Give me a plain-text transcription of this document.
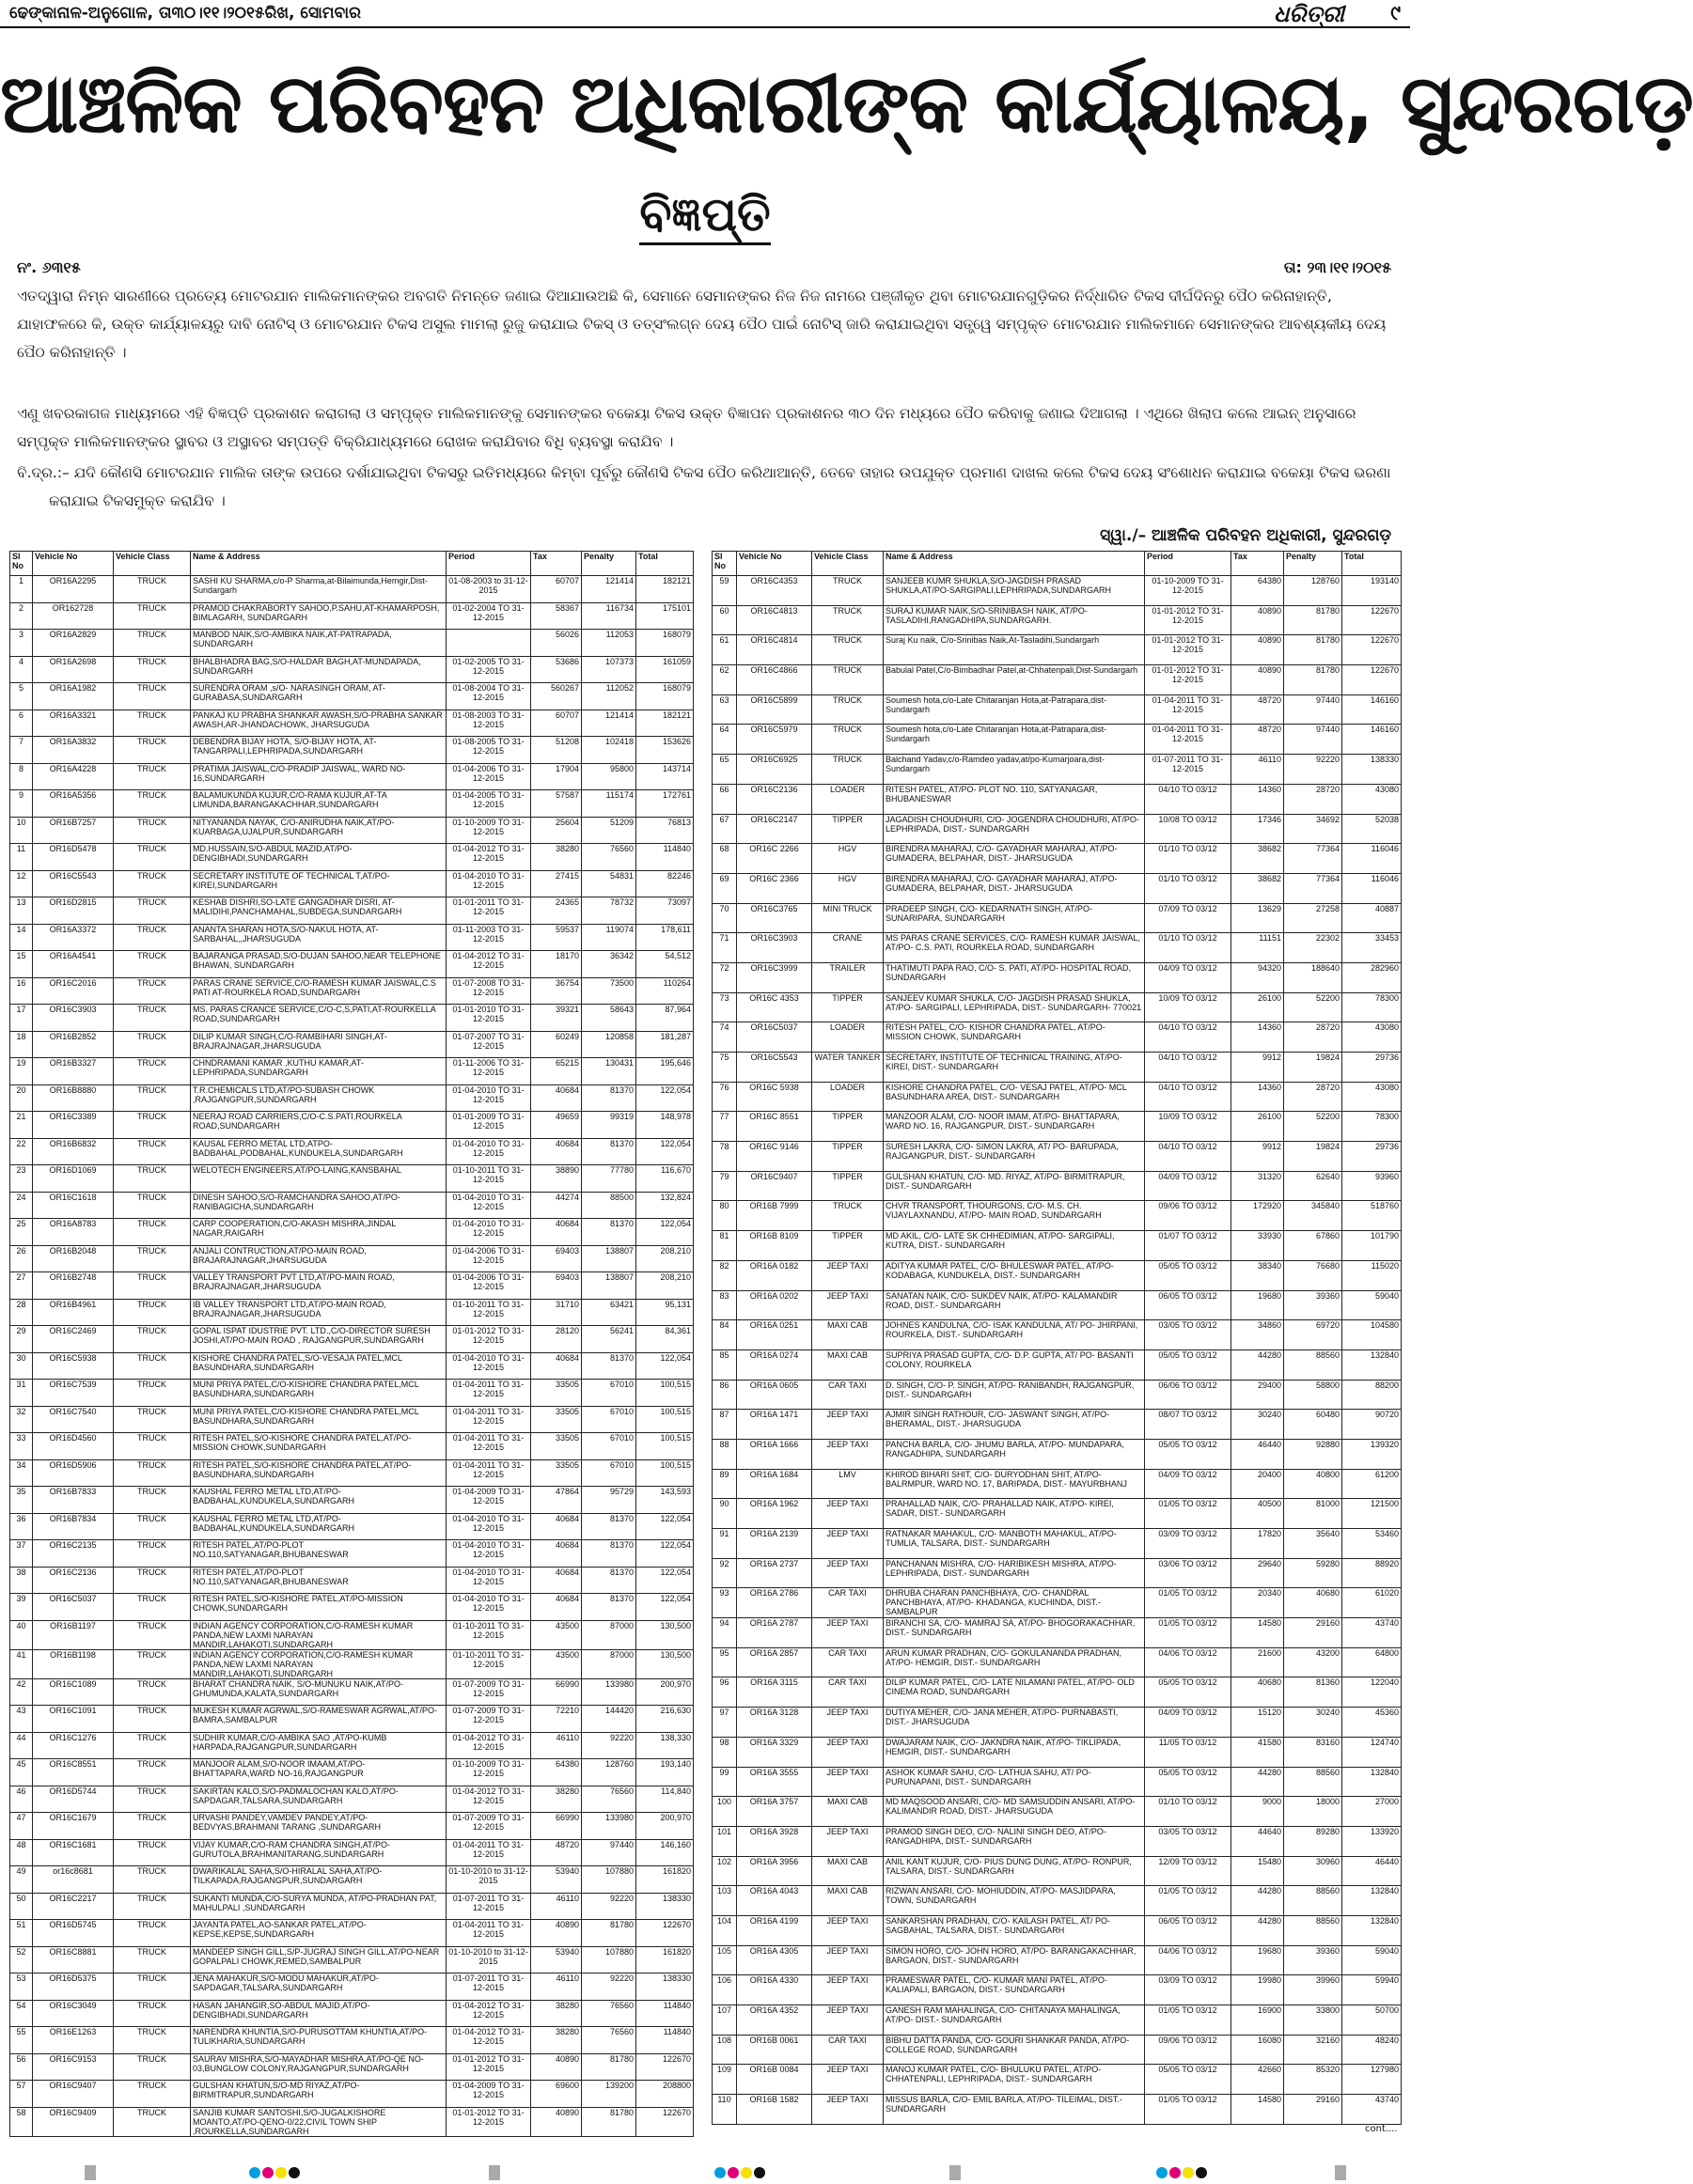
ଢେଙ୍କାନାଳ-ଅନୁଗୋଳ, ତା୩୦।୧୧।୨୦୧୫ରିଖ, ସୋମବାର	ଧରିତ୍ରୀ ୯
ଆଞ୍ଚଳିକ ପରିବହନ ଅଧିକାରୀଙ୍କ କାର୍ଯ୍ୟାଳୟ, ସୁନ୍ଦରଗଡ଼
ବିଜ୍ଞପ୍ତି
ନଂ. ୬୩୧୫	ତା: ୨୩।୧୧।୨୦୧୫
ଏତଦ୍ୱାରା ନିମ୍ନ ସାରଣୀରେ ପ୍ରତ୍ୟେ ମୋଟରଯାନ ମାଲିକମାନଙ୍କର ଅବଗତି ନିମନ୍ତେ ଜଣାଇ ଦିଆଯାଉଅଛି କି, ସେମାନେ ସେମାନଙ୍କର ନିଜ ନିଜ ନାମରେ ପଞ୍ଜୀକୃତ ଥିବା ମୋଟରଯାନଗୁଡ଼ିକର ନିର୍ଦ୍ଧାରିତ ଟିକସ ଦୀର୍ଘଦିନରୁ ପୈଠ କରିନାହାନ୍ତି, ଯାହାଫଳରେ କି, ଉକ୍ତ କାର୍ଯ୍ୟାଳୟରୁ ଦାବି ନୋଟିସ୍ ଓ ମୋଟରଯାନ ଟିକସ ଅସୁଲ ମାମଲା ରୁଜୁ କରାଯାଇ ଟିକସ୍ ଓ ତତ୍‌ସଂଲଗ୍ନ ଦେୟ ପୈଠ ପାଇଁ ନୋଟିସ୍ ଜାରି କରାଯାଇଥିବା ସତ୍ତ୍ୱେ ସମ୍ପୃକ୍ତ ମୋଟରଯାନ ମାଲିକମାନେ ସେମାନଙ୍କର ଆବଶ୍ୟକୀୟ ଦେୟ ପୈଠ କରିନାହାନ୍ତି ।
ଏଣୁ ଖବରକାଗଜ ମାଧ୍ୟମରେ ଏହି ବିଜ୍ଞପ୍ତି ପ୍ରକାଶନ କରାଗଲା ଓ ସମ୍ପୃକ୍ତ ମାଲିକମାନଙ୍କୁ ସେମାନଙ୍କର ବକେୟା ଟିକସ ଉକ୍ତ ବିଜ୍ଞାପନ ପ୍ରକାଶନର ୩୦ ଦିନ ମଧ୍ୟରେ ପୈଠ କରିବାକୁ ଜଣାଇ ଦିଆଗଲା । ଏଥିରେ ଖିଲାପ କଲେ ଆଇନ୍ ଅନୁସାରେ ସମ୍ପୃକ୍ତ ମାଲିକମାନଙ୍କର ସ୍ଥାବର ଓ ଅସ୍ଥାବର ସମ୍ପତ୍ତି ବିକ୍ରିଯାଧ୍ୟମରେ ରୋଖକ କରାଯିବାର ବିଧି ବ୍ୟବସ୍ଥା କରାଯିବ ।
ବି.ଦ୍ର.:– ଯଦି କୌଣସି ମୋଟରଯାନ ମାଲିକ ତାଙ୍କ ଉପରେ ଦର୍ଶାଯାଇଥିବା ଟିକସରୁ ଇତିମଧ୍ୟରେ କିମ୍ବା ପୂର୍ବରୁ କୌଣସି ଟିକସ ପୈଠ କରିଥାଆନ୍ତି, ତେବେ ତାହାର ଉପଯୁକ୍ତ ପ୍ରମାଣ ଦାଖଲ କଲେ ଟିକସ ଦେୟ ସଂଶୋଧନ କରାଯାଇ ବକେୟା ଟିକସ ଭରଣା କରାଯାଇ ଟିକସମୁକ୍ତ କରାଯିବ ।
ସ୍ୱା./– ଆଞ୍ଚଳିକ ପରିବହନ ଅଧିକାରୀ, ସୁନ୍ଦରଗଡ଼
Sl No	Vehicle No	Vehicle Class	Name & Address	Period	Tax	Penalty	Total
1	OR16A2295	TRUCK	SASHI KU SHARMA,c/o-P Sharma,at-Bilaimunda,Hemgir,Dist-Sundargarh	01-08-2003 to 31-12-2015	60707	121414	182121
2	OR162728	TRUCK	PRAMOD CHAKRABORTY SAHOO,P.SAHU,AT-KHAMARPOSH, BIMLAGARH, SUNDARGARH	01-02-2004 TO 31-12-2015	58367	116734	175101
3	OR16A2829	TRUCK	MANBOD NAIK,S/O-AMBIKA NAIK,AT-PATRAPADA, SUNDARGARH		56026	112053	168079
4	OR16A2698	TRUCK	BHALBHADRA BAG,S/O-HALDAR BAGH,AT-MUNDAPADA, SUNDARGARH	01-02-2005 TO 31-12-2015	53686	107373	161059
5	OR16A1982	TRUCK	SURENDRA ORAM ,s/O- NARASINGH ORAM, AT-GURABASA,SUNDARGARH	01-08-2004 TO 31-12-2015	560267	112052	168079
6	OR16A3321	TRUCK	PANKAJ KU PRABHA SHANKAR AWASH,S/O-PRABHA SANKAR AWASH,AR-JHANDACHOWK, JHARSUGUDA	01-08-2003 TO 31-12-2015	60707	121414	182121
7	OR16A3832	TRUCK	DEBENDRA BIJAY HOTA, S/O-BIJAY HOTA, AT-TANGARPALI,LEPHRIPADA,SUNDARGARH	01-08-2005 TO 31-12-2015	51208	102418	153626
8	OR16A4228	TRUCK	PRATIMA JAISWAL,C/O-PRADIP JAISWAL, WARD NO-16,SUNDARGARH	01-04-2006 TO 31-12-2015	17904	95800	143714
9	OR16A5356	TRUCK	BALAMUKUNDA KUJUR,C/O-RAMA KUJUR,AT-TA LIMUNDA,BARANGAKACHHAR,SUNDARGARH	01-04-2005 TO 31-12-2015	57587	115174	172761
10	OR16B7257	TRUCK	NITYANANDA NAYAK, C/O-ANIRUDHA NAIK,AT/PO-KUARBAGA,UJALPUR,SUNDARGARH	01-10-2009 TO 31-12-2015	25604	51209	76813
11	OR16D5478	TRUCK	MD.HUSSAIN,S/O-ABDUL MAZID,AT/PO-DENGIBHADI,SUNDARGARH	01-04-2012 TO 31-12-2015	38280	76560	114840
12	OR16C5543	TRUCK	SECRETARY INSTITUTE OF TECHNICAL T,AT/PO-KIREI,SUNDARGARH	01-04-2010 TO 31-12-2015	27415	54831	82246
13	OR16D2815	TRUCK	KESHAB DISHRI,SO-LATE GANGADHAR DISRI, AT-MALIDIHI,PANCHAMAHAL,SUBDEGA,SUNDARGARH	01-01-2011 TO 31-12-2015	24365	78732	73097
14	OR16A3372	TRUCK	ANANTA SHARAN HOTA,S/O-NAKUL HOTA, AT-SARBAHAL,,JHARSUGUDA	01-11-2003 TO 31-12-2015	59537	119074	178,611
15	OR16A4541	TRUCK	BAJARANGA PRASAD,S/O-DUJAN SAHOO,NEAR TELEPHONE BHAWAN, SUNDARGARH	01-04-2012 TO 31-12-2015	18170	36342	54,512
16	OR16C2016	TRUCK	PARAS CRANE SERVICE,C/O-RAMESH KUMAR JAISWAL,C.S PATI AT-ROURKELA ROAD,SUNDARGARH	01-07-2008 TO 31-12-2015	36754	73500	110264
17	OR16C3903	TRUCK	MS. PARAS CRANCE SERVICE,C/O-C,S,PATI,AT-ROURKELLA ROAD,SUNDARGARH	01-01-2010 TO 31-12-2015	39321	58643	87,964
18	OR16B2852	TRUCK	DILIP KUMAR SINGH,C/O-RAMBIHARI SINGH,AT-BRAJRAJNAGAR,JHARSUGUDA	01-07-2007 TO 31-12-2015	60249	120858	181,287
19	OR16B3327	TRUCK	CHNDRAMANI KAMAR ,KUTHU KAMAR,AT-LEPHRIPADA,SUNDARGARH	01-11-2006 TO 31-12-2015	65215	130431	195,646
20	OR16B8880	TRUCK	T.R.CHEMICALS LTD,AT/PO-SUBASH CHOWK ,RAJGANGPUR,SUNDARGARH	01-04-2010 TO 31-12-2015	40684	81370	122,054
21	OR16C3389	TRUCK	NEERAJ ROAD CARRIERS,C/O-C.S.PATI,ROURKELA ROAD,SUNDARGARH	01-01-2009 TO 31-12-2015	49659	99319	148,978
22	OR16B6832	TRUCK	KAUSAL FERRO METAL LTD,ATPO-BADBAHAL,PODBAHAL,KUNDUKELA,SUNDARGARH	01-04-2010 TO 31-12-2015	40684	81370	122,054
23	OR16D1069	TRUCK	WELOTECH ENGINEERS,AT/PO-LAING,KANSBAHAL	01-10-2011 TO 31-12-2015	38890	77780	116,670
24	OR16C1618	TRUCK	DINESH SAHOO,S/O-RAMCHANDRA SAHOO,AT/PO-RANIBAGICHA,SUNDARGARH	01-04-2010 TO 31-12-2015	44274	88500	132,824
25	OR16A8783	TRUCK	CARP COOPERATION,C/O-AKASH MISHRA,JINDAL NAGAR,RAIGARH	01-04-2010 TO 31-12-2015	40684	81370	122,054
26	OR16B2048	TRUCK	ANJALI CONTRUCTION,AT/PO-MAIN ROAD, BRAJARAJNAGAR,JHARSUGUDA	01-04-2006 TO 31-12-2015	69403	138807	208,210
27	OR16B2748	TRUCK	VALLEY TRANSPORT PVT LTD,AT/PO-MAIN ROAD, BRAJRAJNAGAR,JHARSUGUDA	01-04-2006 TO 31-12-2015	69403	138807	208,210
28	OR16B4961	TRUCK	IB VALLEY TRANSPORT LTD,AT/PO-MAIN ROAD, BRAJRAJNAGAR,JHARSUGUDA	01-10-2011 TO 31-12-2015	31710	63421	95,131
29	OR16C2469	TRUCK	GOPAL ISPAT IDUSTRIE PVT. LTD.,C/O-DIRECTOR SURESH JOSHI,AT/PO-MAIN ROAD , RAJGANGPUR,SUNDARGARH	01-01-2012 TO 31-12-2015	28120	56241	84,361
30	OR16C5938	TRUCK	KISHORE CHANDRA PATEL,S/O-VESAJA PATEL,MCL BASUNDHARA,SUNDARGARH	01-04-2010 TO 31-12-2015	40684	81370	122,054
31	OR16C7539	TRUCK	MUNI PRIYA PATEL,C/O-KISHORE CHANDRA PATEL,MCL BASUNDHARA,SUNDARGARH	01-04-2011 TO 31-12-2015	33505	67010	100,515
32	OR16C7540	TRUCK	MUNI PRIYA PATEL,C/O-KISHORE CHANDRA PATEL,MCL BASUNDHARA,SUNDARGARH	01-04-2011 TO 31-12-2015	33505	67010	100,515
33	OR16D4560	TRUCK	RITESH PATEL,S/O-KISHORE CHANDRA PATEL,AT/PO-MISSION CHOWK,SUNDARGARH	01-04-2011 TO 31-12-2015	33505	67010	100,515
34	OR16D5906	TRUCK	RITESH PATEL,S/O-KISHORE CHANDRA PATEL,AT/PO-BASUNDHARA,SUNDARGARH	01-04-2011 TO 31-12-2015	33505	67010	100,515
35	OR16B7833	TRUCK	KAUSHAL FERRO METAL LTD,AT/PO-BADBAHAL,KUNDUKELA,SUNDARGARH	01-04-2009 TO 31-12-2015	47864	95729	143,593
36	OR16B7834	TRUCK	KAUSHAL FERRO METAL LTD,AT/PO-BADBAHAL,KUNDUKELA,SUNDARGARH	01-04-2010 TO 31-12-2015	40684	81370	122,054
37	OR16C2135	TRUCK	RITESH PATEL,AT/PO-PLOT NO.110,SATYANAGAR,BHUBANESWAR	01-04-2010 TO 31-12-2015	40684	81370	122,054
38	OR16C2136	TRUCK	RITESH PATEL,AT/PO-PLOT NO.110,SATYANAGAR,BHUBANESWAR	01-04-2010 TO 31-12-2015	40684	81370	122,054
39	OR16C5037	TRUCK	RITESH PATEL,S/O-KISHORE PATEL,AT/PO-MISSION CHOWK,SUNDARGARH	01-04-2010 TO 31-12-2015	40684	81370	122,054
40	OR16B1197	TRUCK	INDIAN AGENCY CORPORATION,C/O-RAMESH KUMAR PANDA,NEW LAXMI NARAYAN MANDIR,LAHAKOTI,SUNDARGARH	01-10-2011 TO 31-12-2015	43500	87000	130,500
41	OR16B1198	TRUCK	INDIAN AGENCY CORPORATION,C/O-RAMESH KUMAR PANDA,NEW LAXMI NARAYAN MANDIR,LAHAKOTI,SUNDARGARH	01-10-2011 TO 31-12-2015	43500	87000	130,500
42	OR16C1089	TRUCK	BHARAT CHANDRA NAIK, S/O-MUNUKU NAIK,AT/PO-GHUMUNDA,KALATA,SUNDARGARH	01-07-2009 TO 31-12-2015	66990	133980	200,970
43	OR16C1091	TRUCK	MUKESH KUMAR AGRWAL,S/O-RAMESWAR AGRWAL,AT/PO-BAMRA,SAMBALPUR	01-07-2009 TO 31-12-2015	72210	144420	216,630
44	OR16C1276	TRUCK	SUDHIR KUMAR,C/O-AMBIKA SAO ,AT/PO-KUMB HARPADA,RAJGANGPUR,SUNDARGARH	01-04-2012 TO 31-12-2015	46110	92220	138,330
45	OR16C8551	TRUCK	MANJOOR ALAM,S/O-NOOR IMAAM,AT/PO-BHATTAPARA,WARD NO-16,RAJGANGPUR	01-10-2009 TO 31-12-2015	64380	128760	193,140
46	OR16D5744	TRUCK	SAKIRTAN KALO,S/O-PADMALOCHAN KALO,AT/PO-SAPDAGAR,TALSARA,SUNDARGARH	01-04-2012 TO 31-12-2015	38280	76560	114,840
47	OR16C1679	TRUCK	URVASHI PANDEY,VAMDEV PANDEY,AT/PO-BEDVYAS,BRAHMANI TARANG ,SUNDARGARH	01-07-2009 TO 31-12-2015	66990	133980	200,970
48	OR16C1681	TRUCK	VIJAY KUMAR,C/O-RAM CHANDRA SINGH,AT/PO-GURUTOLA,BRAHMANITARANG,SUNDARGARH	01-04-2011 TO 31-12-2015	48720	97440	146,160
49	or16c8681	TRUCK	DWARIKALAL SAHA,S/O-HIRALAL SAHA,AT/PO-TILKAPADA,RAJGANGPUR,SUNDARGARH	01-10-2010 to 31-12-2015	53940	107880	161820
50	OR16C2217	TRUCK	SUKANTI MUNDA,C/O-SURYA MUNDA, AT/PO-PRADHAN PAT, MAHULPALI ,SUNDARGARH	01-07-2011 TO 31-12-2015	46110	92220	138330
51	OR16D5745	TRUCK	JAYANTA PATEL,AO-SANKAR PATEL,AT/PO-KEPSE,KEPSE,SUNDARGARH	01-04-2011 TO 31-12-2015	40890	81780	122670
52	OR16C8881	TRUCK	MANDEEP SINGH GILL,S/P-JUGRAJ SINGH GILL,AT/PO-NEAR GOPALPALI CHOWK,REMED,SAMBALPUR	01-10-2010 to 31-12-2015	53940	107880	161820
53	OR16D5375	TRUCK	JENA MAHAKUR,S/O-MODU MAHAKUR,AT/PO-SAPDAGAR,TALSARA,SUNDARGARH	01-07-2011 TO 31-12-2015	46110	92220	138330
54	OR16C3049	TRUCK	HASAN JAHANGIR,SO-ABDUL MAJID,AT/PO-DENGIBHADI,SUNDARGARH	01-04-2012 TO 31-12-2015	38280	76560	114840
55	OR16E1263	TRUCK	NARENDRA KHUNTIA,S/O-PURUSOTTAM KHUNTIA,AT/PO-TULIKHARIA,SUNDARGARH	01-04-2012 TO 31-12-2015	38280	76560	114840
56	OR16C9153	TRUCK	SAURAV MISHRA,S/O-MAYADHAR MISHRA,AT/PO-QE NO-03,BUNGLOW COLONY,RAJGANGPUR,SUNDARGARH	01-01-2012 TO 31-12-2015	40890	81780	122670
57	OR16C9407	TRUCK	GULSHAN KHATUN,S/O-MD RIYAZ,AT/PO-BIRMITRAPUR,SUNDARGARH	01-04-2009 TO 31-12-2015	69600	139200	208800
58	OR16C9409	TRUCK	SANJIB KUMAR SANTOSHI,S/O-JUGALKISHORE MOANTO,AT/PO-QENO-0/22,CIVIL TOWN SHIP ,ROURKELLA,SUNDARGARH	01-01-2012 TO 31-12-2015	40890	81780	122670
Sl No	Vehicle No	Vehicle Class	Name & Address	Period	Tax	Penalty	Total
59	OR16C4353	TRUCK	SANJEEB KUMR SHUKLA,S/O-JAGDISH PRASAD SHUKLA,AT/PO-SARGIPALI,LEPHRIPADA,SUNDARGARH	01-10-2009 TO 31-12-2015	64380	128760	193140
60	OR16C4813	TRUCK	SURAJ KUMAR NAIK,S/O-SRINIBASH NAIK, AT/PO-TASLADIHI,RANGADHIPA,SUNDARGARH.	01-01-2012 TO 31-12-2015	40890	81780	122670
61	OR16C4814	TRUCK	Suraj Ku naik, C/o-Srinibas Naik,At-Tasladihi,Sundargarh	01-01-2012 TO 31-12-2015	40890	81780	122670
62	OR16C4866	TRUCK	Babulal Patel,C/o-Bimbadhar Patel,at-Chhatenpali,Dist-Sundargarh	01-01-2012 TO 31-12-2015	40890	81780	122670
63	OR16C5899	TRUCK	Soumesh hota,c/o-Late Chitaranjan Hota,at-Patrapara,dist-Sundargarh	01-04-2011 TO 31-12-2015	48720	97440	146160
64	OR16C5979	TRUCK	Soumesh hota,c/o-Late Chitaranjan Hota,at-Patrapara,dist-Sundargarh	01-04-2011 TO 31-12-2015	48720	97440	146160
65	OR16C6925	TRUCK	Balchand Yadav,c/o-Ramdeo yadav,at/po-Kumarjoara,dist-Sundargarh	01-07-2011 TO 31-12-2015	46110	92220	138330
66	OR16C2136	LOADER	RITESH PATEL, AT/PO- PLOT NO. 110, SATYANAGAR, BHUBANESWAR	04/10 TO 03/12	14360	28720	43080
67	OR16C2147	TIPPER	JAGADISH CHOUDHURI, C/O- JOGENDRA CHOUDHURI, AT/PO- LEPHRIPADA, DIST.- SUNDARGARH	10/08 TO 03/12	17346	34692	52038
68	OR16C 2266	HGV	BIRENDRA MAHARAJ, C/O- GAYADHAR MAHARAJ, AT/PO- GUMADERA, BELPAHAR, DIST.- JHARSUGUDA	01/10 TO 03/12	38682	77364	116046
69	OR16C 2366	HGV	BIRENDRA MAHARAJ, C/O- GAYADHAR MAHARAJ, AT/PO- GUMADERA, BELPAHAR, DIST.- JHARSUGUDA	01/10 TO 03/12	38682	77364	116046
70	OR16C3765	MINI TRUCK	PRADEEP SINGH, C/O- KEDARNATH SINGH, AT/PO- SUNARIPARA, SUNDARGARH	07/09 TO 03/12	13629	27258	40887
71	OR16C3903	CRANE	MS PARAS CRANE SERVICES, C/O- RAMESH KUMAR JAISWAL, AT/PO- C.S. PATI, ROURKELA ROAD, SUNDARGARH	01/10 TO 03/12	11151	22302	33453
72	OR16C3999	TRAILER	THATIMUTI PAPA RAO, C/O- S. PATI, AT/PO- HOSPITAL ROAD, SUNDARGARH	04/09 TO 03/12	94320	188640	282960
73	OR16C 4353	TIPPER	SANJEEV KUMAR SHUKLA, C/O- JAGDISH PRASAD SHUKLA, AT/PO- SARGIPALI, LEPHRIPADA, DIST.- SUNDARGARH- 770021	10/09 TO 03/12	26100	52200	78300
74	OR16C5037	LOADER	RITESH PATEL, C/O- KISHOR CHANDRA PATEL, AT/PO- MISSION CHOWK, SUNDARGARH	04/10 TO 03/12	14360	28720	43080
75	OR16C5543	WATER TANKER	SECRETARY, INSTITUTE OF TECHNICAL TRAINING, AT/PO- KIREI, DIST.- SUNDARGARH	04/10 TO 03/12	9912	19824	29736
76	OR16C 5938	LOADER	KISHORE CHANDRA PATEL, C/O- VESAJ PATEL, AT/PO- MCL BASUNDHARA AREA, DIST.- SUNDARGARH	04/10 TO 03/12	14360	28720	43080
77	OR16C 8551	TIPPER	MANZOOR ALAM, C/O- NOOR IMAM, AT/PO- BHATTAPARA, WARD NO. 16, RAJGANGPUR, DIST.- SUNDARGARH	10/09 TO 03/12	26100	52200	78300
78	OR16C 9146	TIPPER	SURESH LAKRA, C/O- SIMON LAKRA, AT/ PO- BARUPADA, RAJGANGPUR, DIST.- SUNDARGARH	04/10 TO 03/12	9912	19824	29736
79	OR16C9407	TIPPER	GULSHAN KHATUN, C/O- MD. RIYAZ, AT/PO- BIRMITRAPUR, DIST.- SUNDARGARH	04/09 TO 03/12	31320	62640	93960
80	OR16B 7999	TRUCK	CHVR TRANSPORT, THOURGONS, C/O- M.S. CH. VIJAYLAXNANDU, AT/PO- MAIN ROAD, SUNDARGARH	09/06 TO 03/12	172920	345840	518760
81	OR16B 8109	TIPPER	MD AKIL, C/O- LATE SK CHHEDIMIAN, AT/PO- SARGIPALI, KUTRA, DIST.- SUNDARGARH	01/07 TO 03/12	33930	67860	101790
82	OR16A 0182	JEEP TAXI	ADITYA KUMAR PATEL, C/O- BHULESWAR PATEL, AT/PO- KODABAGA, KUNDUKELA, DIST.- SUNDARGARH	05/05 TO 03/12	38340	76680	115020
83	OR16A 0202	JEEP TAXI	SANATAN NAIK, C/O- SUKDEV NAIK, AT/PO- KALAMANDIR ROAD, DIST.- SUNDARGARH	06/05 TO 03/12	19680	39360	59040
84	OR16A 0251	MAXI CAB	JOHNES KANDULNA, C/O- ISAK KANDULNA, AT/ PO- JHIRPANI, ROURKELA, DIST.- SUNDARGARH	03/05 TO 03/12	34860	69720	104580
85	OR16A 0274	MAXI CAB	SUPRIYA PRASAD GUPTA, C/O- D.P. GUPTA, AT/ PO- BASANTI COLONY, ROURKELA	05/05 TO 03/12	44280	88560	132840
86	OR16A 0605	CAR TAXI	D. SINGH, C/O- P. SINGH, AT/PO- RANIBANDH, RAJGANGPUR, DIST.- SUNDARGARH	06/06 TO 03/12	29400	58800	88200
87	OR16A 1471	JEEP TAXI	AJMIR SINGH RATHOUR, C/O- JASWANT SINGH, AT/PO- BHERAMAL, DIST.- JHARSUGUDA	08/07 TO 03/12	30240	60480	90720
88	OR16A 1666	JEEP TAXI	PANCHA BARLA, C/O- JHUMU BARLA, AT/PO- MUNDAPARA, RANGADHIPA, SUNDARGARH	05/05 TO 03/12	46440	92880	139320
89	OR16A 1684	LMV	KHIROD BIHARI SHIT, C/O- DURYODHAN SHIT, AT/PO- BALRMPUR, WARD NO. 17, BARIPADA, DIST.- MAYURBHANJ	04/09 TO 03/12	20400	40800	61200
90	OR16A 1962	JEEP TAXI	PRAHALLAD NAIK, C/O- PRAHALLAD NAIK, AT/PO- KIREI, SADAR, DIST.- SUNDARGARH	01/05 TO 03/12	40500	81000	121500
91	OR16A 2139	JEEP TAXI	RATNAKAR MAHAKUL, C/O- MANBOTH MAHAKUL, AT/PO- TUMLIA, TALSARA, DIST.- SUNDARGARH	03/09 TO 03/12	17820	35640	53460
92	OR16A 2737	JEEP TAXI	PANCHANAN MISHRA, C/O- HARIBIKESH MISHRA, AT/PO- LEPHRIPADA, DIST.- SUNDARGARH	03/06 TO 03/12	29640	59280	88920
93	OR16A 2786	CAR TAXI	DHRUBA CHARAN PANCHBHAYA, C/O- CHANDRAL PANCHBHAYA, AT/PO- KHADANGA, KUCHINDA, DIST.- SAMBALPUR	01/05 TO 03/12	20340	40680	61020
94	OR16A 2787	JEEP TAXI	BIRANCHI SA, C/O- MAMRAJ SA, AT/PO- BHOGORAKACHHAR, DIST.- SUNDARGARH	01/05 TO 03/12	14580	29160	43740
95	OR16A 2857	CAR TAXI	ARUN KUMAR PRADHAN, C/O- GOKULANANDA PRADHAN, AT/PO- HEMGIR, DIST.- SUNDARGARH	04/06 TO 03/12	21600	43200	64800
96	OR16A 3115	CAR TAXI	DILIP KUMAR PATEL, C/O- LATE NILAMANI PATEL, AT/PO- OLD CINEMA ROAD, SUNDARGARH	05/05 TO 03/12	40680	81360	122040
97	OR16A 3128	JEEP TAXI	DUTIYA MEHER, C/O- JANA MEHER, AT/PO- PURNABASTI, DIST.- JHARSUGUDA	04/09 TO 03/12	15120	30240	45360
98	OR16A 3329	JEEP TAXI	DWAJARAM NAIK, C/O- JAKNDRA NAIK, AT/PO- TIKLIPADA, HEMGIR, DIST.- SUNDARGARH	11/05 TO 03/12	41580	83160	124740
99	OR16A 3555	JEEP TAXI	ASHOK KUMAR SAHU, C/O- LATHUA SAHU, AT/ PO- PURUNAPANI, DIST.- SUNDARGARH	05/05 TO 03/12	44280	88560	132840
100	OR16A 3757	MAXI CAB	MD MAQSOOD ANSARI, C/O- MD SAMSUDDIN ANSARI, AT/PO- KALIMANDIR ROAD, DIST.- JHARSUGUDA	01/10 TO 03/12	9000	18000	27000
101	OR16A 3928	JEEP TAXI	PRAMOD SINGH DEO, C/O- NALINI SINGH DEO, AT/PO- RANGADHIPA, DIST.- SUNDARGARH	03/05 TO 03/12	44640	89280	133920
102	OR16A 3956	MAXI CAB	ANIL KANT KUJUR, C/O- PIUS DUNG DUNG, AT/PO- RONPUR, TALSARA, DIST.- SUNDARGARH	12/09 TO 03/12	15480	30960	46440
103	OR16A 4043	MAXI CAB	RIZWAN ANSARI, C/O- MOHIUDDIN, AT/PO- MASJIDPARA, TOWN, SUNDARGARH	01/05 TO 03/12	44280	88560	132840
104	OR16A 4199	JEEP TAXI	SANKARSHAN PRADHAN, C/O- KAILASH PATEL, AT/ PO- SAGBAHAL, TALSARA, DIST.- SUNDARGARH	06/05 TO 03/12	44280	88560	132840
105	OR16A 4305	JEEP TAXI	SIMON HORO, C/O- JOHN HORO, AT/PO- BARANGAKACHHAR, BARGAON, DIST.- SUNDARGARH	04/06 TO 03/12	19680	39360	59040
106	OR16A 4330	JEEP TAXI	PRAMESWAR PATEL, C/O- KUMAR MANI PATEL, AT/PO- KALIAPALI, BARGAON, DIST.- SUNDARGARH	03/09 TO 03/12	19980	39960	59940
107	OR16A 4352	JEEP TAXI	GANESH RAM MAHALINGA, C/O- CHITANAYA MAHALINGA, AT/PO- DIST.- SUNDARGARH	01/05 TO 03/12	16900	33800	50700
108	OR16B 0061	CAR TAXI	BIBHU DATTA PANDA, C/O- GOURI SHANKAR PANDA, AT/PO- COLLEGE ROAD, SUNDARGARH	09/06 TO 03/12	16080	32160	48240
109	OR16B 0084	JEEP TAXI	MANOJ KUMAR PATEL, C/O- BHULUKU PATEL, AT/PO- CHHATENPALI, LEPHRIPADA, DIST.- SUNDARGARH	05/05 TO 03/12	42660	85320	127980
110	OR16B 1582	JEEP TAXI	MISSUS BARLA, C/O- EMIL BARLA, AT/PO- TILEIMAL, DIST.- SUNDARGARH	01/05 TO 03/12	14580	29160	43740
cont....
